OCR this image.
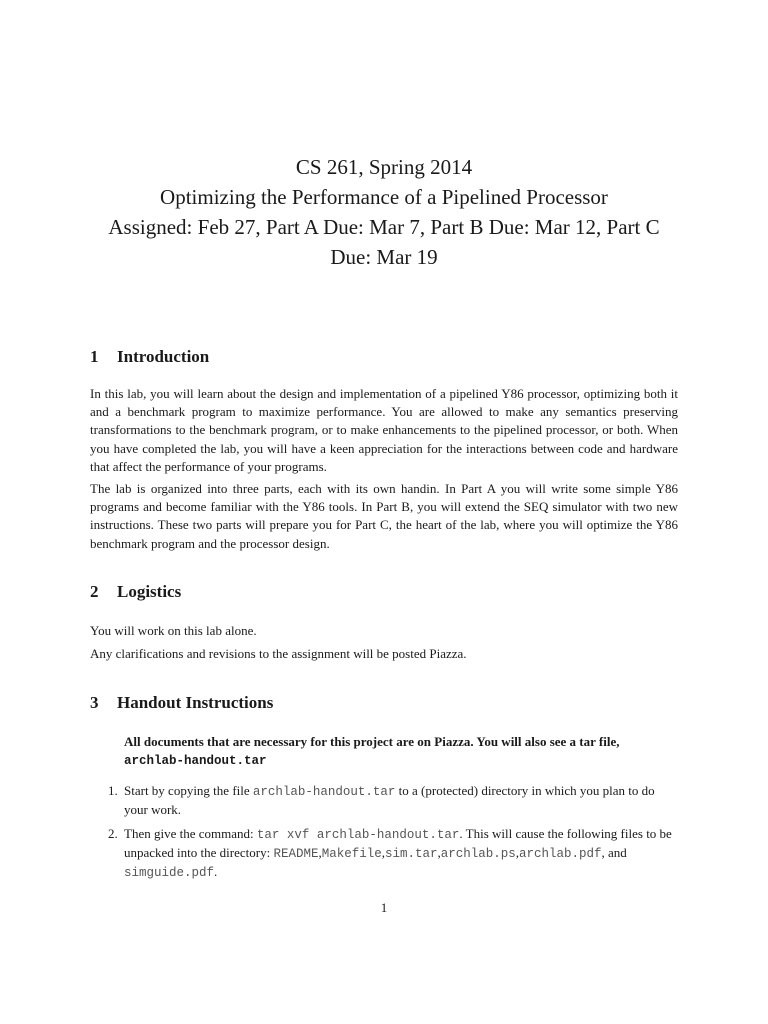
CS 261, Spring 2014
Optimizing the Performance of a Pipelined Processor
Assigned: Feb 27, Part A Due: Mar 7, Part B Due: Mar 12, Part C
Due: Mar 19
1 Introduction

In this lab, you will learn about the design and implementation of a pipelined Y86 processor, optimizing both it and a benchmark program to maximize performance. You are allowed to make any semantics preserving transformations to the benchmark program, or to make enhancements to the pipelined processor, or both. When you have completed the lab, you will have a keen appreciation for the interactions between code and hardware that affect the performance of your programs.

The lab is organized into three parts, each with its own handin. In Part A you will write some simple Y86 programs and become familiar with the Y86 tools. In Part B, you will extend the SEQ simulator with two new instructions. These two parts will prepare you for Part C, the heart of the lab, where you will optimize the Y86 benchmark program and the processor design.

2 Logistics

You will work on this lab alone.

Any clarifications and revisions to the assignment will be posted Piazza.

3 Handout Instructions
All documents that are necessary for this project are on Piazza. You will also see a tar file,
archlab-handout.tar
1. Start by copying the file archlab-handout.tar to a (protected) directory in which you plan to do your work.
2. Then give the command: tar xvf archlab-handout.tar. This will cause the following files to be unpacked into the directory: README,Makefile,sim.tar,archlab.ps,archlab.pdf, and simguide.pdf.
1
